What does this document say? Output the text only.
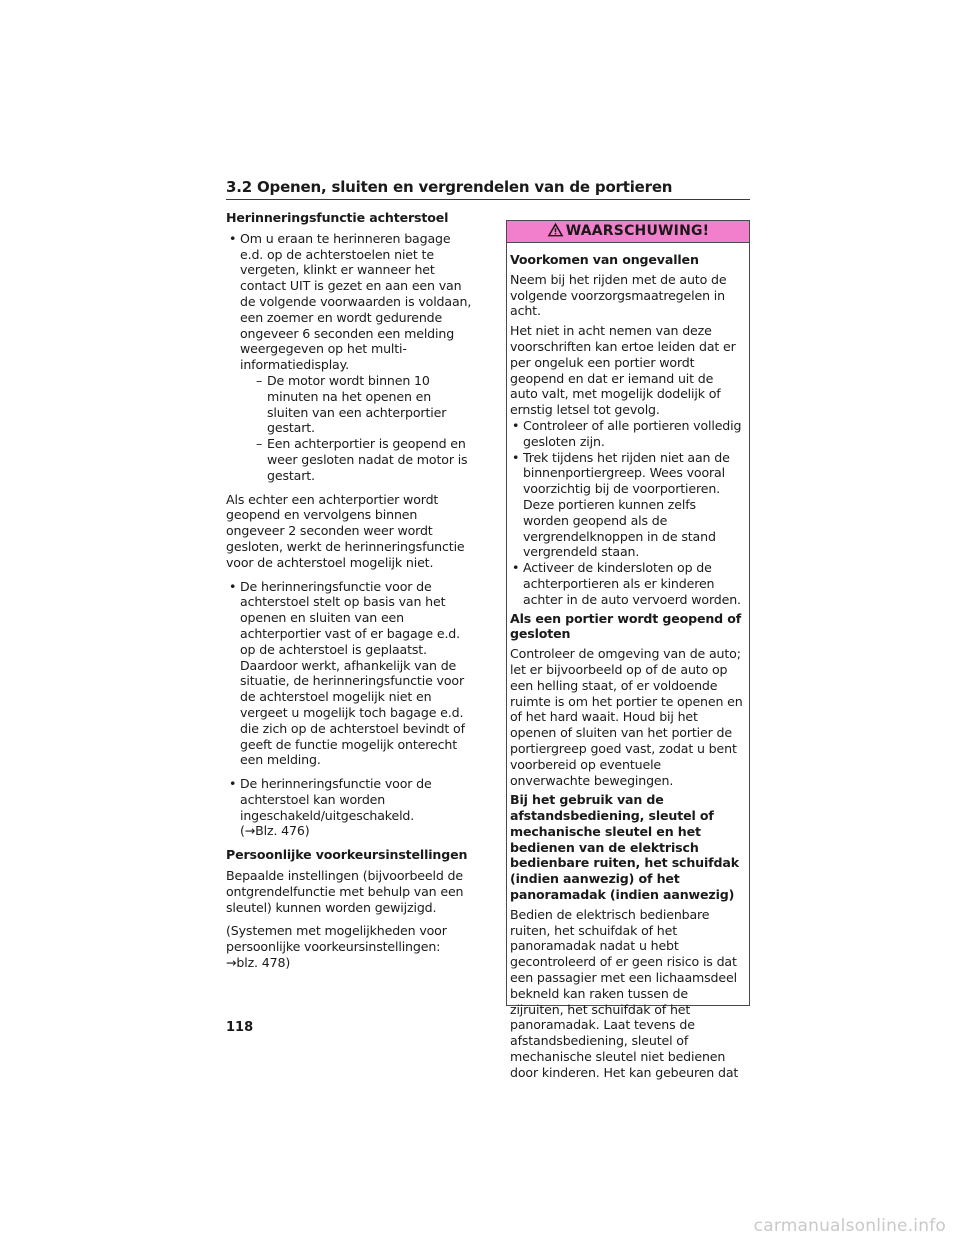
3.2 Openen, sluiten en vergrendelen van de portieren
Herinneringsfunctie achterstoel
• Om u eraan te herinneren bagage e.d. op de achterstoelen niet te vergeten, klinkt er wanneer het contact UIT is gezet en aan een van de volgende voorwaarden is voldaan, een zoemer en wordt gedurende ongeveer 6 seconden een melding weergegeven op het multi-informatiedisplay.
– De motor wordt binnen 10 minuten na het openen en sluiten van een achterportier gestart.
– Een achterportier is geopend en weer gesloten nadat de motor is gestart.

Als echter een achterportier wordt geopend en vervolgens binnen ongeveer 2 seconden weer wordt gesloten, werkt de herinneringsfunctie voor de achterstoel mogelijk niet.

• De herinneringsfunctie voor de achterstoel stelt op basis van het openen en sluiten van een achterportier vast of er bagage e.d. op de achterstoel is geplaatst. Daardoor werkt, afhankelijk van de situatie, de herinneringsfunctie voor de achterstoel mogelijk niet en vergeet u mogelijk toch bagage e.d. die zich op de achterstoel bevindt of geeft de functie mogelijk onterecht een melding.
• De herinneringsfunctie voor de achterstoel kan worden ingeschakeld/uitgeschakeld.
(→Blz. 476)
Persoonlijke voorkeursinstellingen

Bepaalde instellingen (bijvoorbeeld de ontgrendelfunctie met behulp van een sleutel) kunnen worden gewijzigd.

(Systemen met mogelijkheden voor persoonlijke voorkeursinstellingen:
→blz. 478)

WAARSCHUWING!
Voorkomen van ongevallen

Neem bij het rijden met de auto de volgende voorzorgsmaatregelen in acht.

Het niet in acht nemen van deze voorschriften kan ertoe leiden dat er per ongeluk een portier wordt geopend en dat er iemand uit de auto valt, met mogelijk dodelijk of ernstig letsel tot gevolg.

• Controleer of alle portieren volledig gesloten zijn.
• Trek tijdens het rijden niet aan de binnenportiergreep. Wees vooral voorzichtig bij de voorportieren. Deze portieren kunnen zelfs worden geopend als de vergrendelknoppen in de stand vergrendeld staan.
• Activeer de kindersloten op de achterportieren als er kinderen achter in de auto vervoerd worden.
Als een portier wordt geopend of gesloten

Controleer de omgeving van de auto; let er bijvoorbeeld op of de auto op een helling staat, of er voldoende ruimte is om het portier te openen en of het hard waait. Houd bij het openen of sluiten van het portier de portiergreep goed vast, zodat u bent voorbereid op eventuele onverwachte bewegingen.

Bij het gebruik van de afstandsbediening, sleutel of mechanische sleutel en het bedienen van de elektrisch bedienbare ruiten, het schuifdak (indien aanwezig) of het panoramadak (indien aanwezig)

Bedien de elektrisch bedienbare ruiten, het schuifdak of het panoramadak nadat u hebt gecontroleerd of er geen risico is dat een passagier met een lichaamsdeel bekneld kan raken tussen de zijruiten, het schuifdak of het panoramadak. Laat tevens de afstandsbediening, sleutel of mechanische sleutel niet bedienen door kinderen. Het kan gebeuren dat

118
carmanualsonline.info
